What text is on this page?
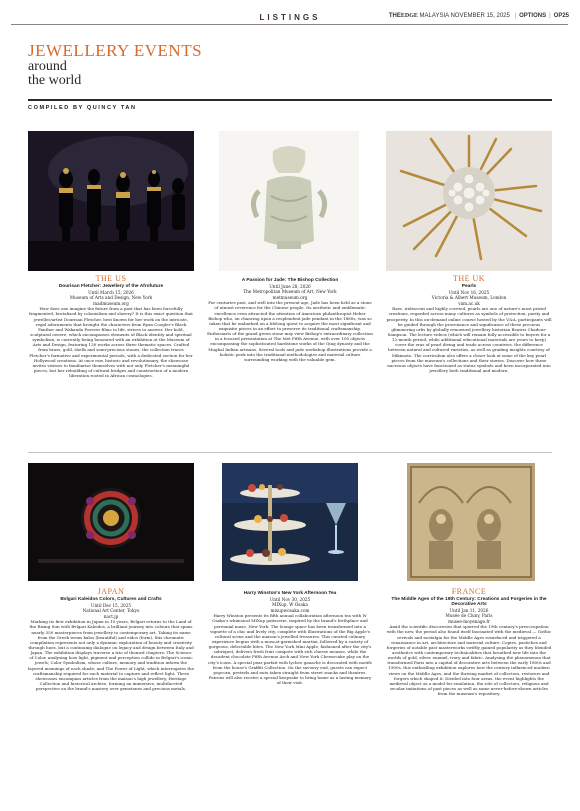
LISTINGS	THEEDGE MALAYSIA NOVEMBER 15, 2025 | OPTIONS | OP25
JEWELLERY EVENTS
around
the world
COMPILED BY QUINCY TAN
THE US
Dourisan Fletcher: Jewellery of the Afrofuture
Until March 15, 2026
Museum of Arts and Design, New York
madmuseum.org
How does one imagine the future from a past that has been forcefully fragmented, brutalised by colonialism and slavery? It is this exact question that jeweller/artist Dourisan Fletcher, best known for her work on the intricate, regal adornments that brought the characters from Ryan Coogler's Black Panther and Wakanda Forever films to life, strives to answer. Her bold, sculptural oeuvre, which encompasses elements of Black identity and spiritual symbolism, is currently being honoured with an exhibition at the Museum of Arts and Design, featuring 130 works across three thematic spaces. Crafted from brass, gold, shells and semi-precious stones, the collection traces Fletcher's formative and experimental periods, with a dedicated section for her Hollywood creations. At once raw, historic and revolutionary, the showcase invites visitors to familiarise themselves with not only Fletcher's meaningful pieces, but her rebuilding of cultural bridges and construction of a modern liberation rooted in African cosmologies.
A Passion for Jade: The Bishop Collection
Until June 28, 2026
The Metropolitan Museum of Art, New York
metmuseum.org
For centuries past, and well into the present age, Jade has been held as a stone of utmost reverence for the Chinese people. Its aesthetic and emblematic excellence even attracted the attention of American philanthropist Heber Bishop who, on chancing upon a resplendent jade pendant in the 1880s, was so taken that he embarked on a lifelong quest to acquire the most significant and exquisite pieces in an effort to preserve its traditional craftsmanship. Enthusiasts of the grand green stone may view Bishop's extraordinary collection in a focused presentation at The Met Fifth Avenue, with over 100 objects encompassing the sophisticated hardstone works of the Qing dynasty and the Mughal Indian artisans. Several tools and jade workshop illustrations provide a holistic peek into the traditional methodologies and material culture surrounding working with the valuable gem.
THE UK
Pearls
Until Nov 16, 2025
Victoria & Albert Museum, London
vam.ac.uk
Rare, iridescent and highly coveted, pearls are one of nature's most prized creations, regarded across many cultures as symbols of protection, purity and prosperity. In this on-demand online course hosted by the V&A, participants will be guided through the provenance and significance of these precious glimmering orbs by globally renowned jewellery historian Beatriz Chadour-Sampson. The lecture videos (which will remain fully accessible to buyers for a 12-month period, while additional educational materials are yours to keep) cover the eras of pearl diving and trade across countries, the difference between natural and cultured varieties, as well as grading insights courtesy of Mikimoto. The curriculum also offers a closer look at some of the key pearl pieces from the museum's collections and their stories. Discover how these nacreous objects have functioned as status symbols and been incorporated into jewellery both traditional and modern.
JAPAN
Bvlgari Kaleidos Colors, Cultures and Crafts
Until Dec 15, 2025
National Art Center, Tokyo
nact.jp
Marking its first exhibition in Japan in 10 years, Bvlgari returns to the Land of the Rising Sun with Bvlgari Kaleidos, a brilliant journey into colours that spans nearly 350 masterpieces from jewellery to contemporary art. Taking its name from the Greek terms kalos (beautiful) and eidos (form), this chromatic compilation represents not only a dynamic exploration of beauty and creativity through hues, but a continuing dialogue on legacy and design between Italy and Japan. The exhibition displays traverse a trio of themed chapters: The Science of Color, analysing how light, pigment and perception collide in Bvlgari's iconic jewels; Color Symbolism, whose culture, memory and tradition inform the layered meanings of each shade; and The Power of Light, which interrogates the craftsmanship required for each material to capture and reflect light. These showcases encompass articles from the maison's high jewellery, Heritage Collection and historical archive, forming an immersive, multifaceted perspective on the brand's mastery over gemstones and precious metals.
Harry Winston's New York Afternoon Tea
Until Nov 30, 2025
MIXup, W Osaka
mixupwosaka.com
Harry Winston presents its fifth annual collaboration afternoon tea with W Osaka's whimsical MIXup patisserie, inspired by the brand's birthplace and perennial muse, New York. The lounge space has been transformed into a vignette of a chic and lively city, complete with illustrations of the Big Apple's cultural scene and the maison's jewelled treasures. This curated culinary experience begins with a muscat-garnished martini, followed by a variety of gorgeous, delectable bites. The New York Mini Apple, fashioned after the city's sobriquet, delivers fresh fruit compote with rich cheese mousse, while the decadent chocolate Fifth Avenue Arch and New York Cheesecake play on the city's icons. A special pear parfait with lychee ganache is decorated with motifs from the house's Graffiti Collection. On the savoury end, guests can expect popcorn, pretzels and nuts taken straight from street snacks and theatres. Patrons will also receive a special keepsake to bring home as a lasting memory of their visit.
FRANCE
The Middle Ages of the 19th Century: Creations and Forgeries in the Decorative Arts
Until Jan 11, 2026
Musée de Cluny, Paris
musee-moyenage.fr
Amid the scientific discoveries that spurred the 19th century's preoccupation with the new, the period also found itself fascinated with the medieval — Gothic revivals and nostalgia for the Middle Ages resurfaced and triggered a renaissance in art, architecture and material culture. Copies, pastiches and forgeries of notable past masterworks swiftly gained popularity as they blended aesthetics with contemporary technicalities that breathed new life into the worlds of gold, silver, enamel, ivory and fabric. Analysing the phenomenon that transformed Paris into a capital of decorative arts between the early 1800s and 1900s, this enthralling exhibition explores how the century influenced modern views on the Middle Ages, and the thriving market of collectors, restorers and forgers which shaped it. Divided into four areas, the event highlights the medieval object as a model for emulation, the role of collectors, religious and secular imitations of past pieces as well as some never-before-shown articles from the museum's repository.
